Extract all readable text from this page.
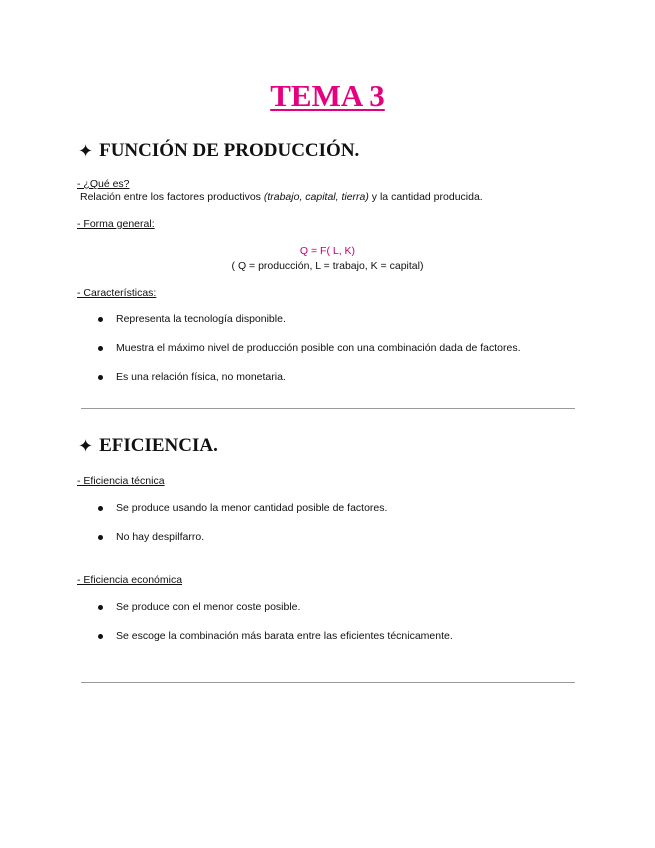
TEMA 3
✦ FUNCIÓN DE PRODUCCIÓN.
- ¿Qué es?
Relación entre los factores productivos (trabajo, capital, tierra) y la cantidad producida.
- Forma general:
Q = F( L, K)
( Q = producción, L = trabajo, K = capital)
- Características:
Representa la tecnología disponible.
Muestra el máximo nivel de producción posible con una combinación dada de factores.
Es una relación física, no monetaria.
✦ EFICIENCIA.
- Eficiencia técnica
Se produce usando la menor cantidad posible de factores.
No hay despilfarro.
- Eficiencia económica
Se produce con el menor coste posible.
Se escoge la combinación más barata entre las eficientes técnicamente.
